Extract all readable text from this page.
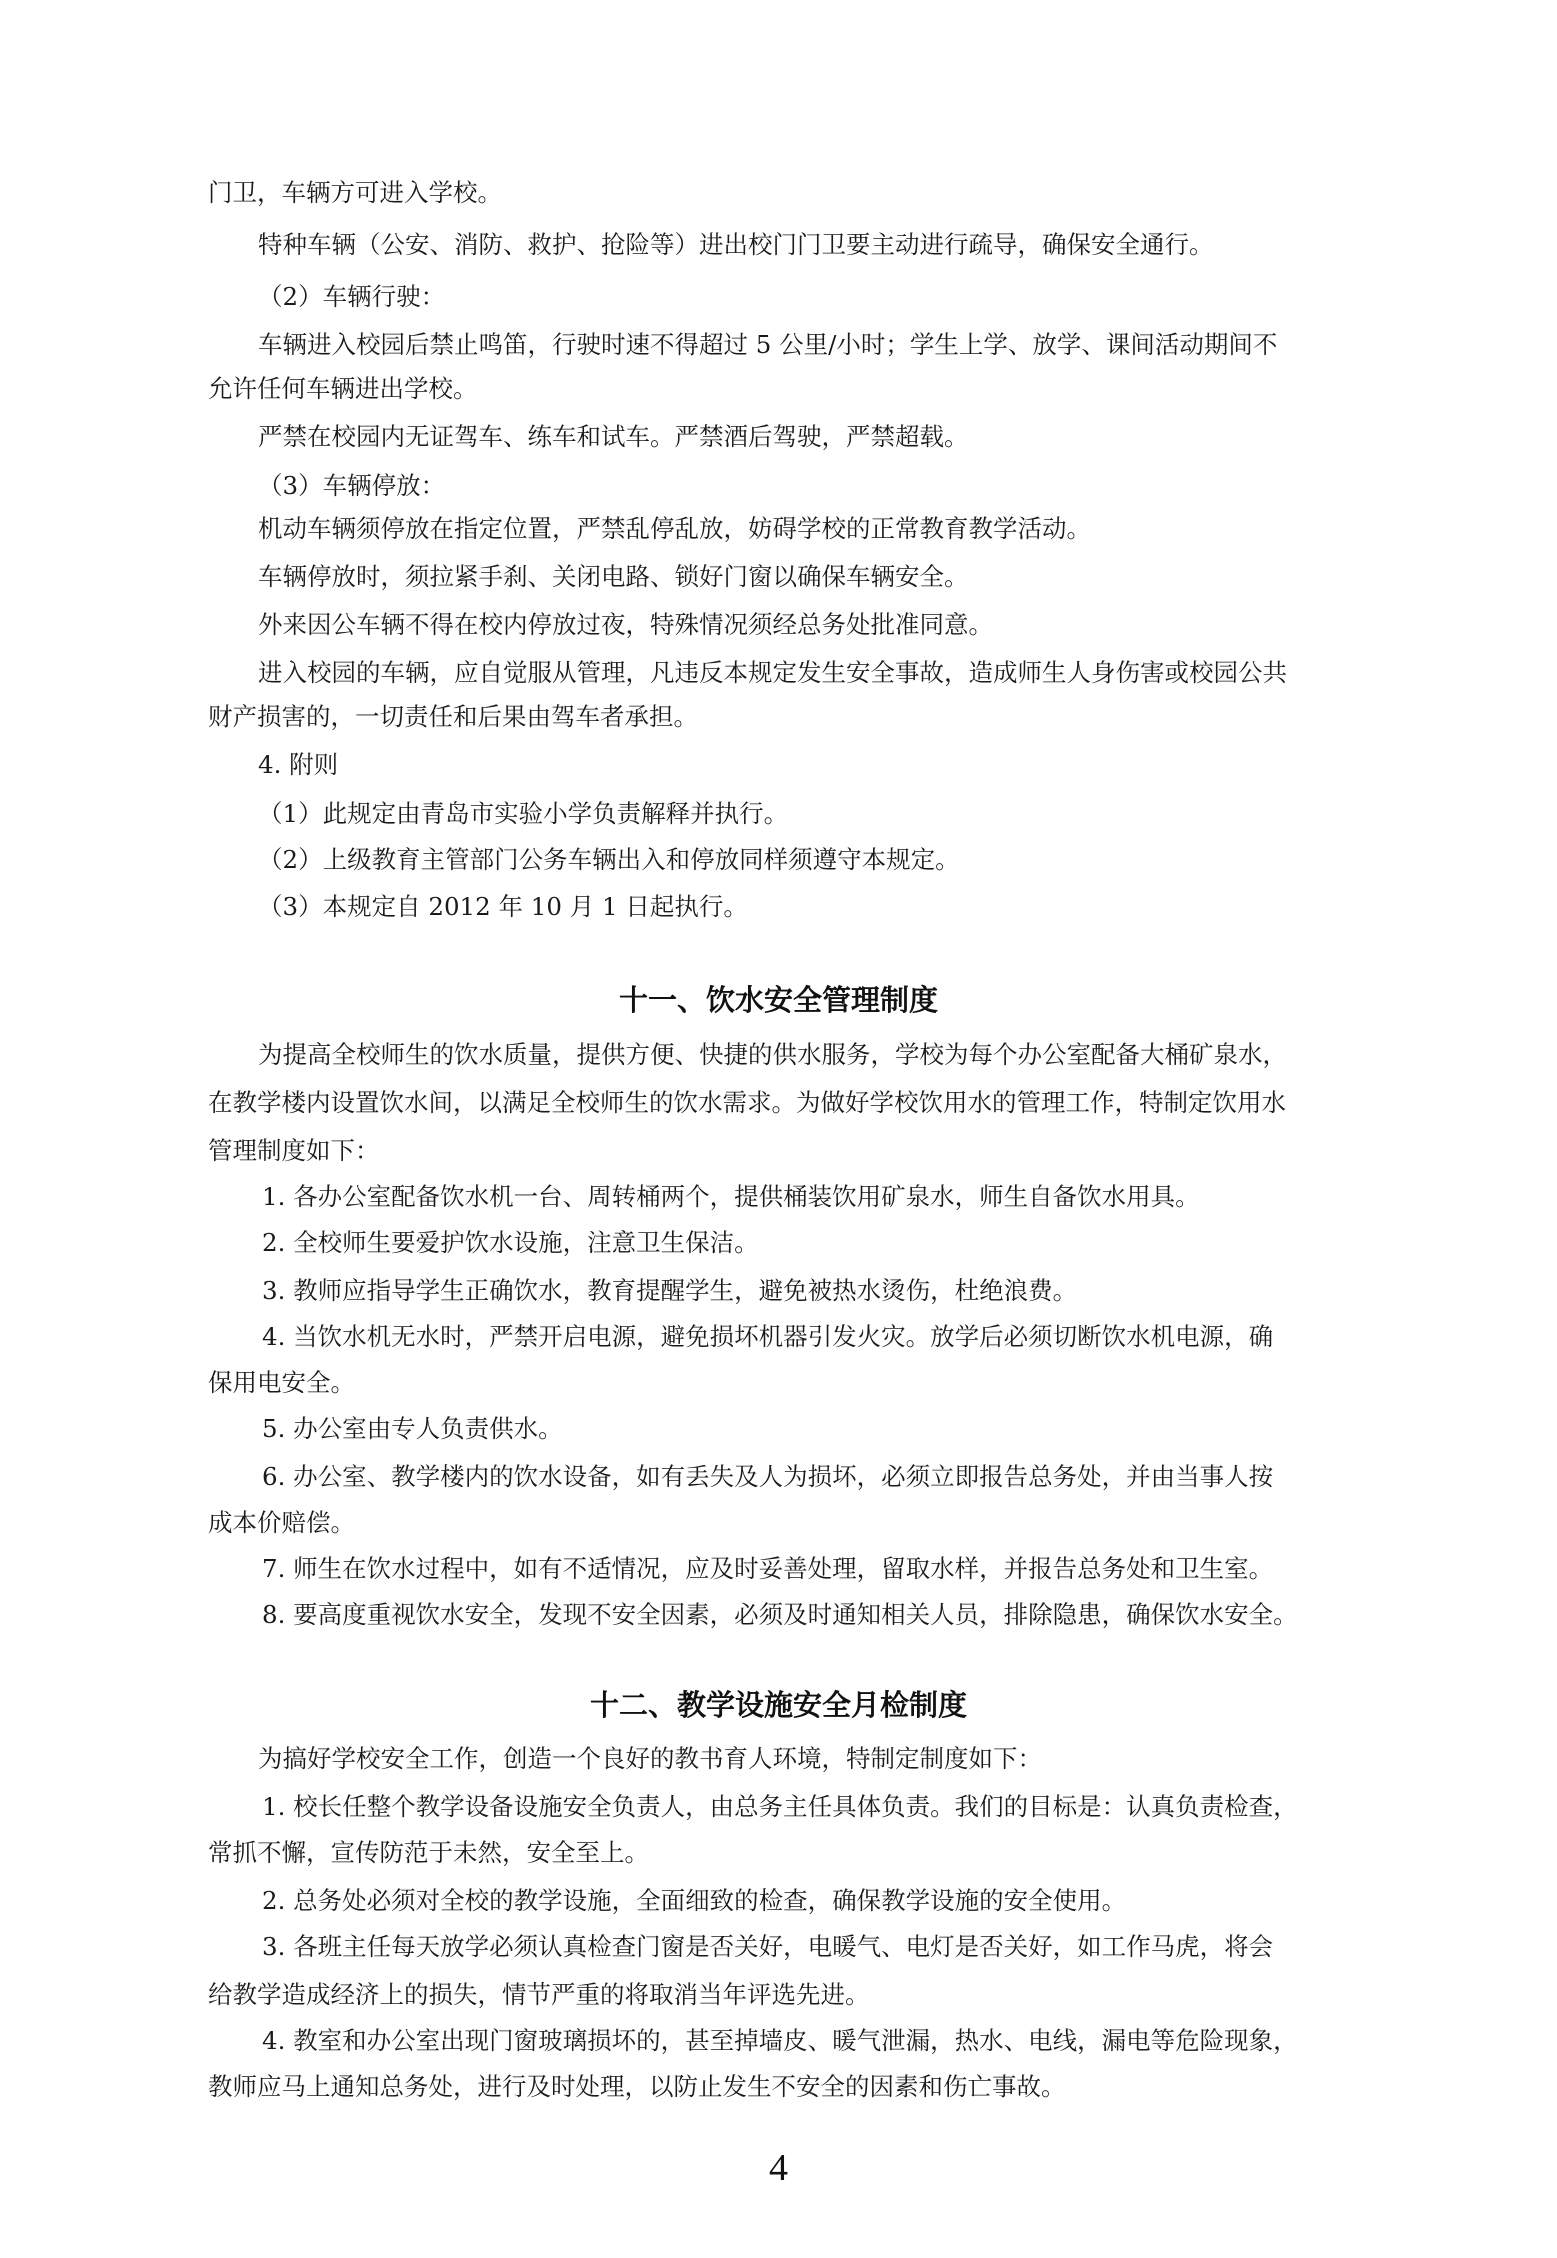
门卫，车辆方可进入学校。
特种车辆（公安、消防、救护、抢险等）进出校门门卫要主动进行疏导，确保安全通行。
（2）车辆行驶：
车辆进入校园后禁止鸣笛，行驶时速不得超过 5 公里/小时；学生上学、放学、课间活动期间不
允许任何车辆进出学校。
严禁在校园内无证驾车、练车和试车。严禁酒后驾驶，严禁超载。
（3）车辆停放：
机动车辆须停放在指定位置，严禁乱停乱放，妨碍学校的正常教育教学活动。
车辆停放时，须拉紧手刹、关闭电路、锁好门窗以确保车辆安全。
外来因公车辆不得在校内停放过夜，特殊情况须经总务处批准同意。
进入校园的车辆，应自觉服从管理，凡违反本规定发生安全事故，造成师生人身伤害或校园公共
财产损害的，一切责任和后果由驾车者承担。
4. 附则
（1）此规定由青岛市实验小学负责解释并执行。
（2）上级教育主管部门公务车辆出入和停放同样须遵守本规定。
（3）本规定自 2012 年 10 月 1 日起执行。
十一、饮水安全管理制度
为提高全校师生的饮水质量，提供方便、快捷的供水服务，学校为每个办公室配备大桶矿泉水，
在教学楼内设置饮水间，以满足全校师生的饮水需求。为做好学校饮用水的管理工作，特制定饮用水
管理制度如下：
1. 各办公室配备饮水机一台、周转桶两个，提供桶装饮用矿泉水，师生自备饮水用具。
2. 全校师生要爱护饮水设施，注意卫生保洁。
3. 教师应指导学生正确饮水，教育提醒学生，避免被热水烫伤，杜绝浪费。
4. 当饮水机无水时，严禁开启电源，避免损坏机器引发火灾。放学后必须切断饮水机电源，确
保用电安全。
5. 办公室由专人负责供水。
6. 办公室、教学楼内的饮水设备，如有丢失及人为损坏，必须立即报告总务处，并由当事人按
成本价赔偿。
7. 师生在饮水过程中，如有不适情况，应及时妥善处理，留取水样，并报告总务处和卫生室。
8. 要高度重视饮水安全，发现不安全因素，必须及时通知相关人员，排除隐患，确保饮水安全。
十二、教学设施安全月检制度
为搞好学校安全工作，创造一个良好的教书育人环境，特制定制度如下：
1. 校长任整个教学设备设施安全负责人，由总务主任具体负责。我们的目标是：认真负责检查，
常抓不懈，宣传防范于未然，安全至上。
2. 总务处必须对全校的教学设施，全面细致的检查，确保教学设施的安全使用。
3. 各班主任每天放学必须认真检查门窗是否关好，电暖气、电灯是否关好，如工作马虎，将会
给教学造成经济上的损失，情节严重的将取消当年评选先进。
4. 教室和办公室出现门窗玻璃损坏的，甚至掉墙皮、暖气泄漏，热水、电线，漏电等危险现象，
教师应马上通知总务处，进行及时处理，以防止发生不安全的因素和伤亡事故。
4
